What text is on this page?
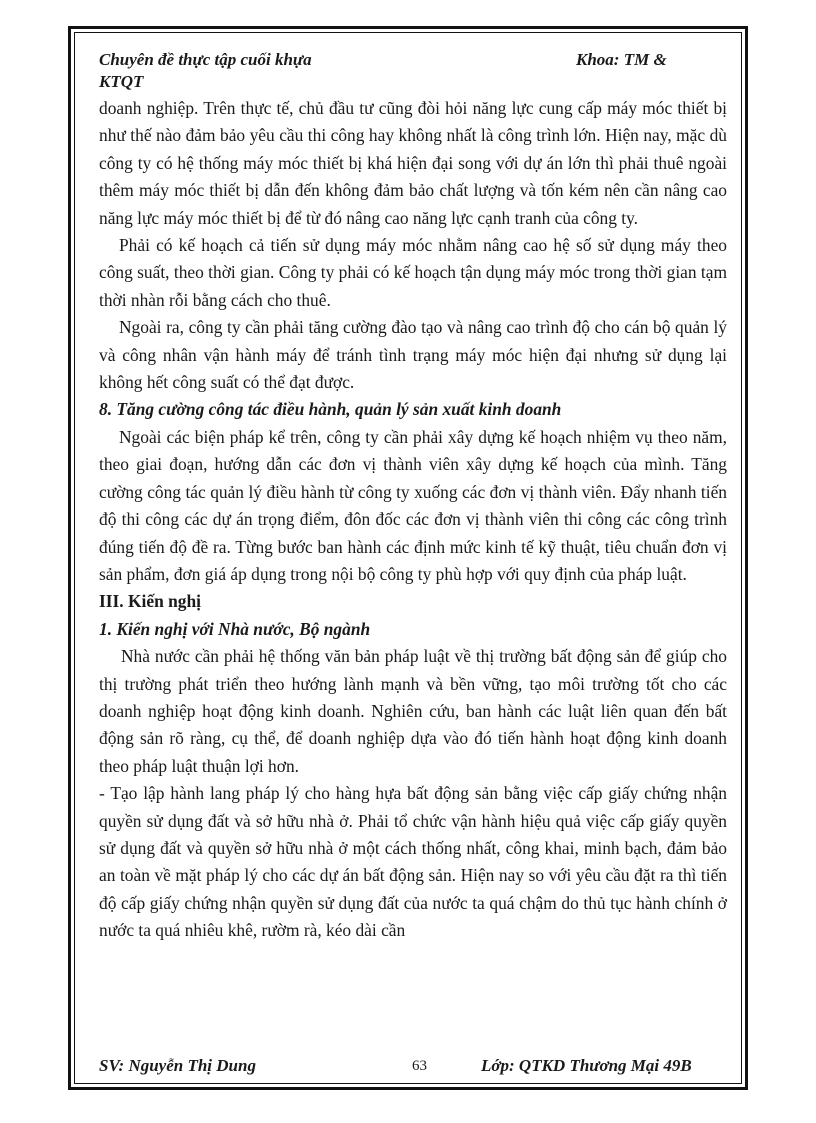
Chuyên đề thực tập cuối khựa
KTQT
Khoa: TM &

doanh nghiệp. Trên thực tế, chủ đầu tư cũng đòi hỏi năng lực cung cấp máy móc thiết bị như thế nào đảm bảo yêu cầu thi công hay không nhất là công trình lớn. Hiện nay, mặc dù công ty có hệ thống máy móc thiết bị khá hiện đại song với dự án lớn thì phải thuê ngoài thêm máy móc thiết bị dẫn đến không đảm bảo chất lượng và tốn kém nên cần nâng cao năng lực máy móc thiết bị để từ đó nâng cao năng lực cạnh tranh của công ty.

Phải có kế hoạch cả tiến sử dụng máy móc nhằm nâng cao hệ số sử dụng máy theo công suất, theo thời gian. Công ty phải có kế hoạch tận dụng máy móc trong thời gian tạm thời nhàn rỗi bằng cách cho thuê.

Ngoài ra, công ty cần phải tăng cường đào tạo và nâng cao trình độ cho cán bộ quản lý và công nhân vận hành máy để tránh tình trạng máy móc hiện đại nhưng sử dụng lại không hết công suất có thể đạt được.

8. Tăng cường công tác điều hành, quản lý sản xuất kinh doanh

Ngoài các biện pháp kể trên, công ty cần phải xây dựng kế hoạch nhiệm vụ theo năm, theo giai đoạn, hướng dẫn các đơn vị thành viên xây dựng kế hoạch của mình. Tăng cường công tác quản lý điều hành từ công ty xuống các đơn vị thành viên. Đẩy nhanh tiến độ thi công các dự án trọng điểm, đôn đốc các đơn vị thành viên thi công các công trình đúng tiến độ đề ra. Từng bước ban hành các định mức kinh tế kỹ thuật, tiêu chuẩn đơn vị sản phẩm, đơn giá áp dụng trong nội bộ công ty phù hợp với quy định của pháp luật.

III. Kiến nghị
1. Kiến nghị với Nhà nước, Bộ ngành

Nhà nước cần phải hệ thống văn bản pháp luật về thị trường bất động sản để giúp cho thị trường phát triển theo hướng lành mạnh và bền vững, tạo môi trường tốt cho các doanh nghiệp hoạt động kinh doanh. Nghiên cứu, ban hành các luật liên quan đến bất động sản rõ ràng, cụ thể, để doanh nghiệp dựa vào đó tiến hành hoạt động kinh doanh theo pháp luật thuận lợi hơn.

- Tạo lập hành lang pháp lý cho hàng hựa bất động sản bằng việc cấp giấy chứng nhận quyền sử dụng đất và sở hữu nhà ở. Phải tổ chức vận hành hiệu quả việc cấp giấy quyền sử dụng đất và quyền sở hữu nhà ở một cách thống nhất, công khai, minh bạch, đảm bảo an toàn về mặt pháp lý cho các dự án bất động sản. Hiện nay so với yêu cầu đặt ra thì tiến độ cấp giấy chứng nhận quyền sử dụng đất của nước ta quá chậm do thủ tục hành chính ở nước ta quá nhiêu khê, rườm rà, kéo dài cần

SV: Nguyễn Thị Dung	63	Lớp: QTKD Thương Mại 49B
